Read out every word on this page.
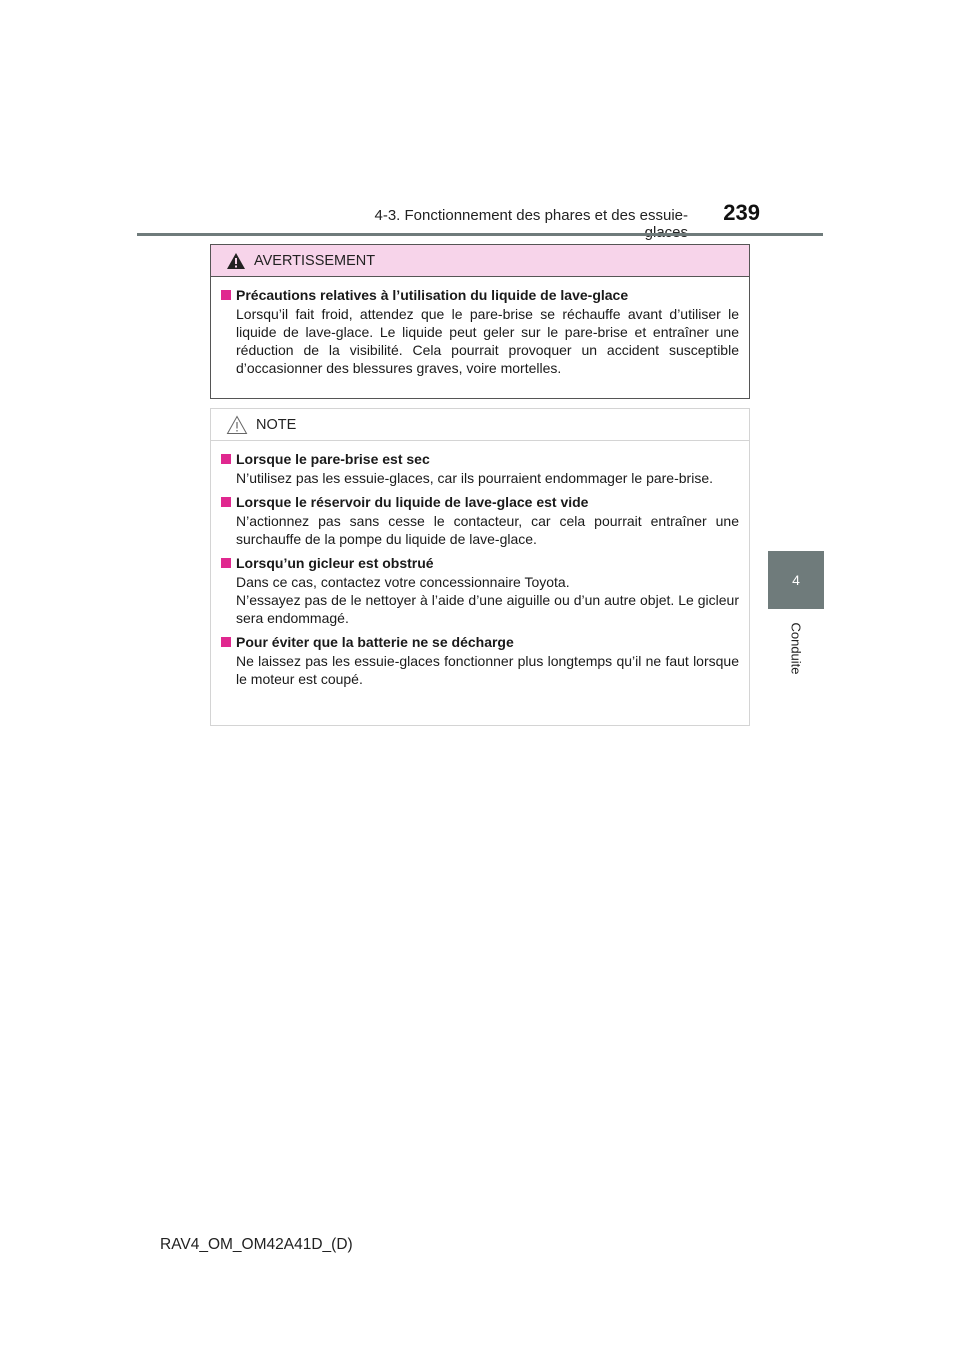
4-3. Fonctionnement des phares et des essuie-	239
4
Conduite
AVERTISSEMENT
Précautions relatives à l’utilisation du liquide de lave-glace
Lorsqu’il fait froid, attendez que le pare-brise se réchauffe avant d’utiliser le liquide de lave-glace. Le liquide peut geler sur le pare-brise et entraîner une réduction de la visibilité. Cela pourrait provoquer un accident susceptible d’occasionner des blessures graves, voire mortelles.
NOTE
Lorsque le pare-brise est sec
N’utilisez pas les essuie-glaces, car ils pourraient endommager le pare-brise.
Lorsque le réservoir du liquide de lave-glace est vide
N’actionnez pas sans cesse le contacteur, car cela pourrait entraîner une surchauffe de la pompe du liquide de lave-glace.
Lorsqu’un gicleur est obstrué
Dans ce cas, contactez votre concessionnaire Toyota.
N’essayez pas de le nettoyer à l’aide d’une aiguille ou d’un autre objet. Le gicleur sera endommagé.
Pour éviter que la batterie ne se décharge
Ne laissez pas les essuie-glaces fonctionner plus longtemps qu’il ne faut lorsque le moteur est coupé.
RAV4_OM_OM42A41D_(D)
